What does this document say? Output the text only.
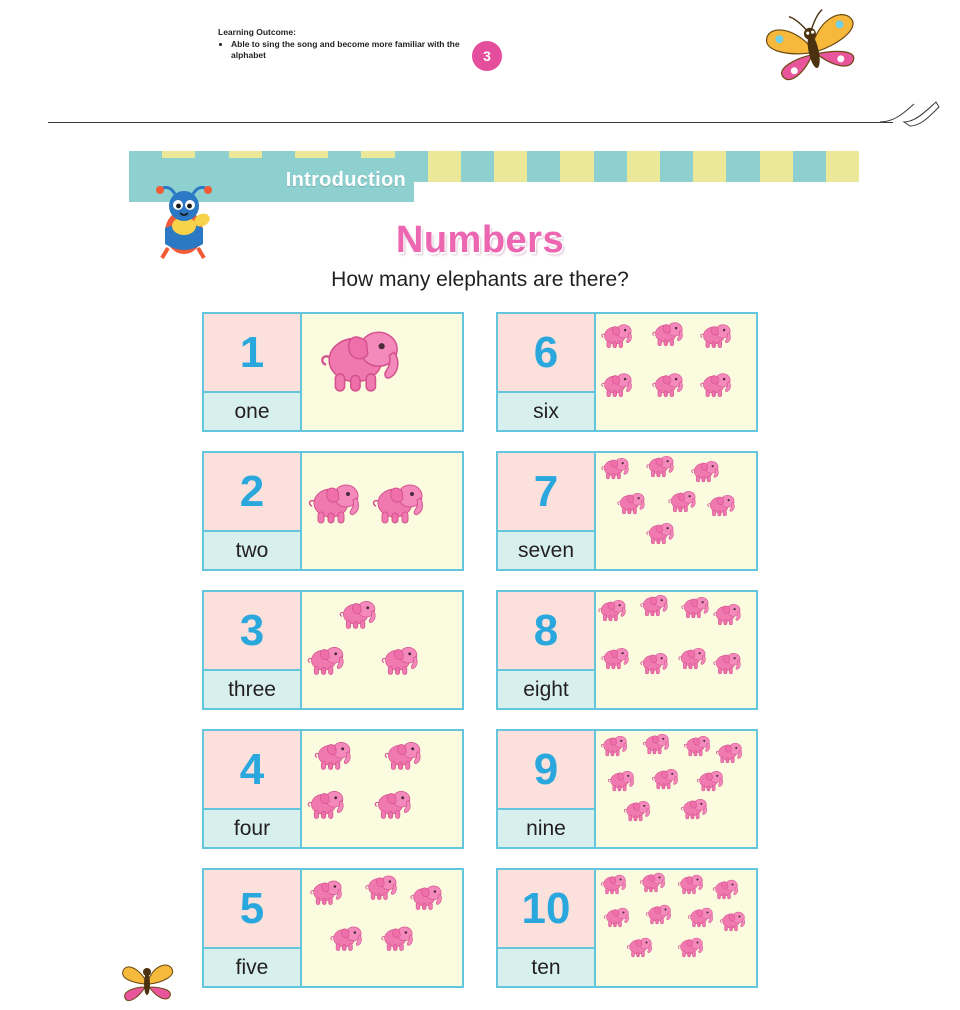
Learning Outcome:

• Able to sing the song and become more familiar with the alphabet	3
Introduction
Numbers
How many elephants are there?
1
one
6
six
2
two
7
seven
3
three
8
eight
4
four
9
nine
5
five
10
ten
